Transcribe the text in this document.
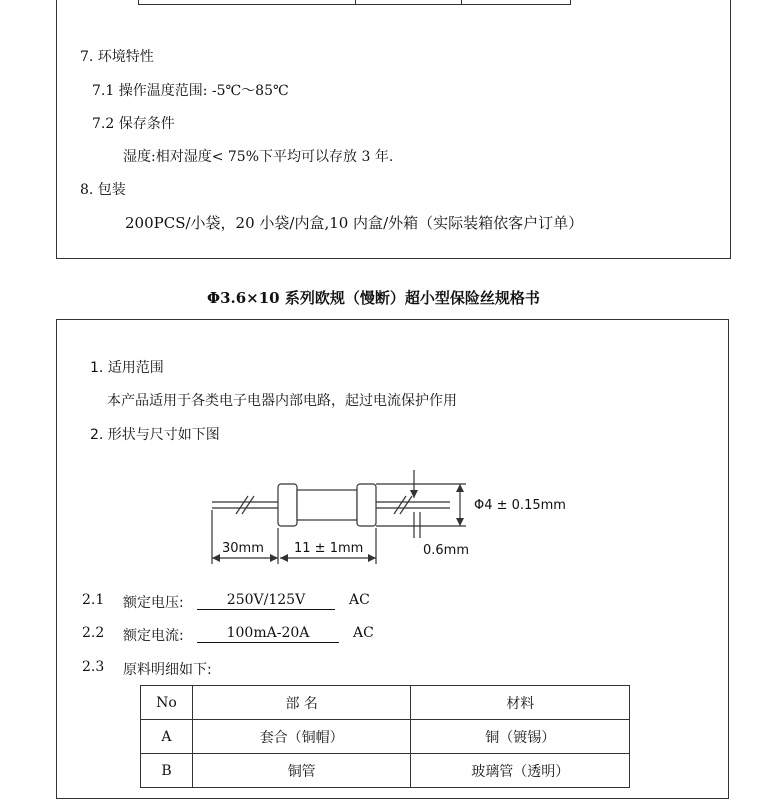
7. 环境特性
7.1 操作温度范围: -5℃～85℃
7.2 保存条件
湿度:相对湿度< 75%下平均可以存放 3 年.
8. 包装
200PCS/小袋，20 小袋/内盒,10 内盒/外箱（实际装箱依客户订单）
Φ3.6×10 系列欧规（慢断）超小型保险丝规格书
1. 适用范围
本产品适用于各类电子电器内部电路，起过电流保护作用
2. 形状与尺寸如下图
Φ4 ± 0.15mm
30mm 11 ± 1mm	0.6mm
2.1 额定电压:	250V/125V	AC
2.2 额定电流:	100mA-20A	AC
2.3 原料明细如下:
No	部 名	材料
A	套合（铜帽）	铜（镀锡）
B	铜管	玻璃管（透明）
